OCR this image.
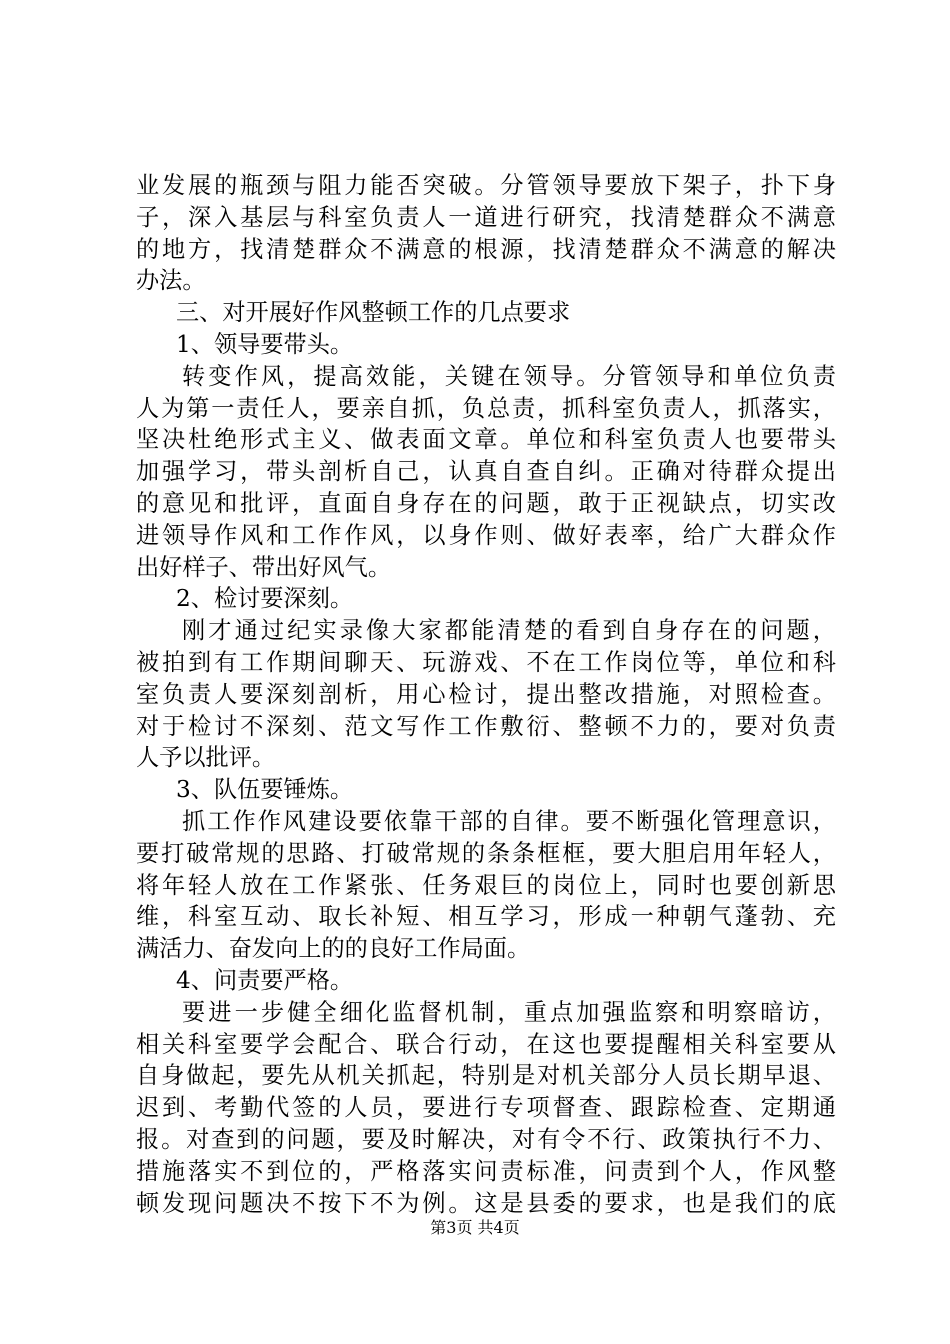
业发展的瓶颈与阻力能否突破。分管领导要放下架子，扑下身
子，深入基层与科室负责人一道进行研究，找清楚群众不满意
的地方，找清楚群众不满意的根源，找清楚群众不满意的解决
办法。
三、对开展好作风整顿工作的几点要求
1、领导要带头。
转变作风，提高效能，关键在领导。分管领导和单位负责
人为第一责任人，要亲自抓，负总责，抓科室负责人，抓落实，
坚决杜绝形式主义、做表面文章。单位和科室负责人也要带头
加强学习，带头剖析自己，认真自查自纠。正确对待群众提出
的意见和批评，直面自身存在的问题，敢于正视缺点，切实改
进领导作风和工作作风，以身作则、做好表率，给广大群众作
出好样子、带出好风气。
2、检讨要深刻。
刚才通过纪实录像大家都能清楚的看到自身存在的问题，
被拍到有工作期间聊天、玩游戏、不在工作岗位等，单位和科
室负责人要深刻剖析，用心检讨，提出整改措施，对照检查。
对于检讨不深刻、范文写作工作敷衍、整顿不力的，要对负责
人予以批评。
3、队伍要锤炼。
抓工作作风建设要依靠干部的自律。要不断强化管理意识，
要打破常规的思路、打破常规的条条框框，要大胆启用年轻人，
将年轻人放在工作紧张、任务艰巨的岗位上，同时也要创新思
维，科室互动、取长补短、相互学习，形成一种朝气蓬勃、充
满活力、奋发向上的的良好工作局面。
4、问责要严格。
要进一步健全细化监督机制，重点加强监察和明察暗访，
相关科室要学会配合、联合行动，在这也要提醒相关科室要从
自身做起，要先从机关抓起，特别是对机关部分人员长期早退、
迟到、考勤代签的人员，要进行专项督查、跟踪检查、定期通
报。对查到的问题，要及时解决，对有令不行、政策执行不力、
措施落实不到位的，严格落实问责标准，问责到个人，作风整
顿发现问题决不按下不为例。这是县委的要求，也是我们的底
第3页 共4页
